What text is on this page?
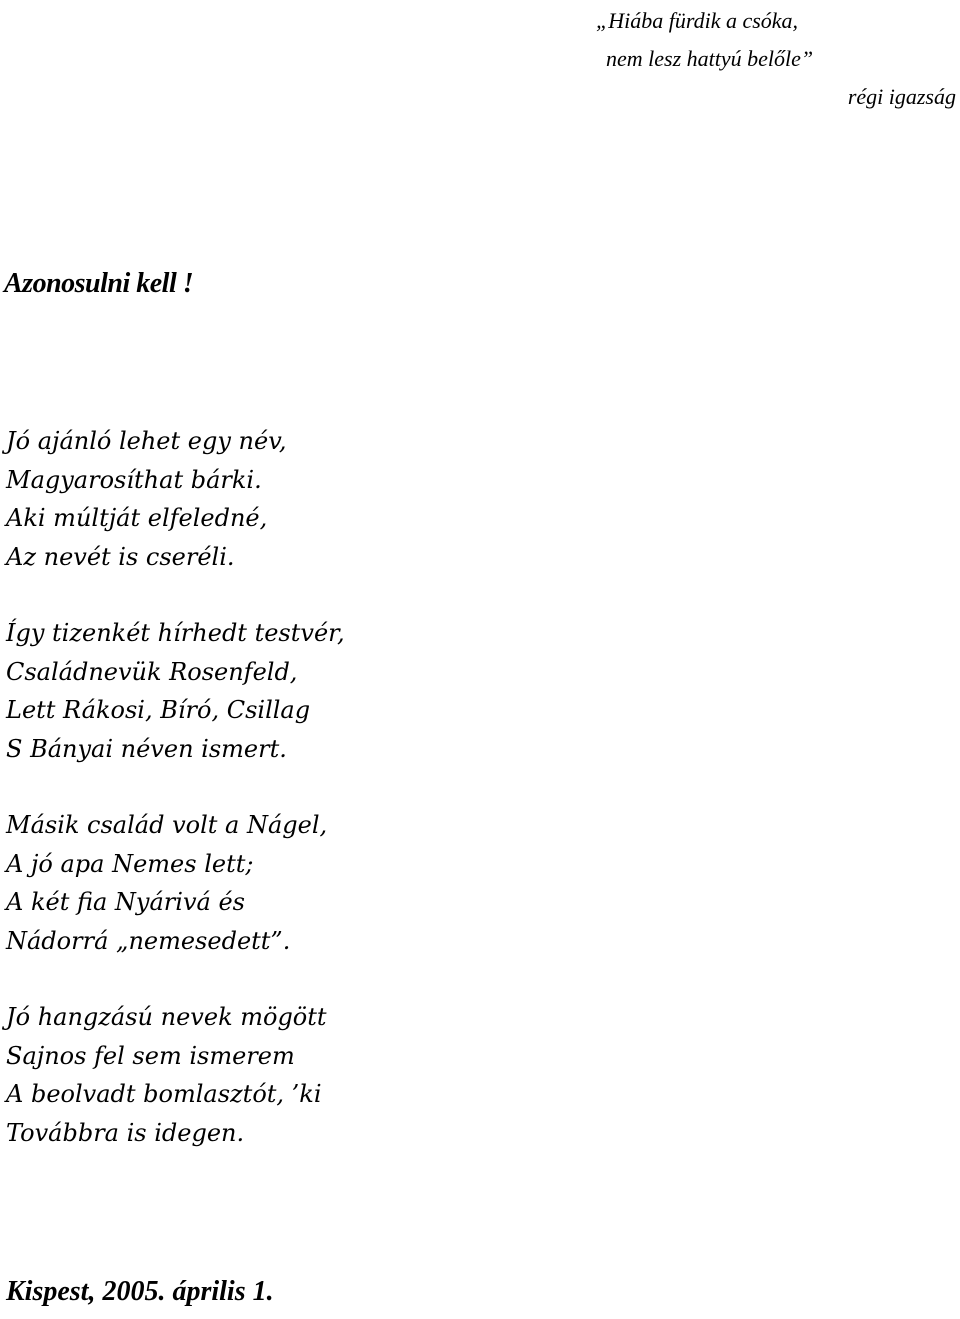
„Hiába fürdik a csóka,
nem lesz hattyú belőle”
régi igazság
Azonosulni kell !
Jó ajánló lehet egy név,
Magyarosíthat bárki.
Aki múltját elfeledné,
Az nevét is cseréli.
Így tizenkét hírhedt testvér,
Családnevük Rosenfeld,
Lett Rákosi, Bíró, Csillag
S Bányai néven ismert.
Másik család volt a Nágel,
A jó apa Nemes lett;
A két fia Nyárivá és
Nádorrá „nemesedett”.
Jó hangzású nevek mögött
Sajnos fel sem ismerem
A beolvadt bomlasztót, ’ki
Továbbra is idegen.
Kispest, 2005. április 1.
